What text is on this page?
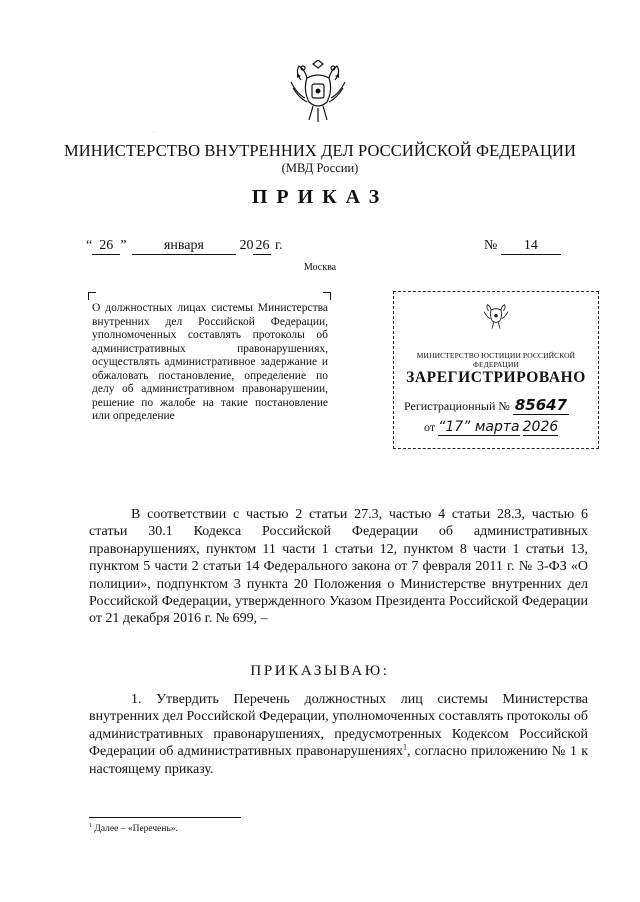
·
МИНИСТЕРСТВО ВНУТРЕННИХ ДЕЛ РОССИЙСКОЙ ФЕДЕРАЦИИ
(МВД России)
ПРИКАЗ
“ 26 ”	января	20 26 г.	№ 14
Москва
О должностных лицах системы Министерства внутренних дел Российской Федерации, уполномоченных составлять протоколы об административных правонарушениях, осуществлять административное задержание и обжаловать постановление, определение по делу об административном правонарушении, решение по жалобе на такие постановление или определение
МИНИСТЕРСТВО ЮСТИЦИИ РОССИЙСКОЙ ФЕДЕРАЦИИ
ЗАРЕГИСТРИРОВАНО
Регистрационный № 85647
от “17” марта 2026
В соответствии с частью 2 статьи 27.3, частью 4 статьи 28.3, частью 6 статьи 30.1 Кодекса Российской Федерации об административных правонарушениях, пунктом 11 части 1 статьи 12, пунктом 8 части 1 статьи 13, пунктом 5 части 2 статьи 14 Федерального закона от 7 февраля 2011 г. № 3-ФЗ «О полиции», подпунктом 3 пункта 20 Положения о Министерстве внутренних дел Российской Федерации, утвержденного Указом Президента Российской Федерации от 21 декабря 2016 г. № 699, –
ПРИКАЗЫВАЮ:
1. Утвердить Перечень должностных лиц системы Министерства внутренних дел Российской Федерации, уполномоченных составлять протоколы об административных правонарушениях, предусмотренных Кодексом Российской Федерации об административных правонарушениях$^1$, согласно приложению № 1 к настоящему приказу.
$^1$ Далее – «Перечень».
